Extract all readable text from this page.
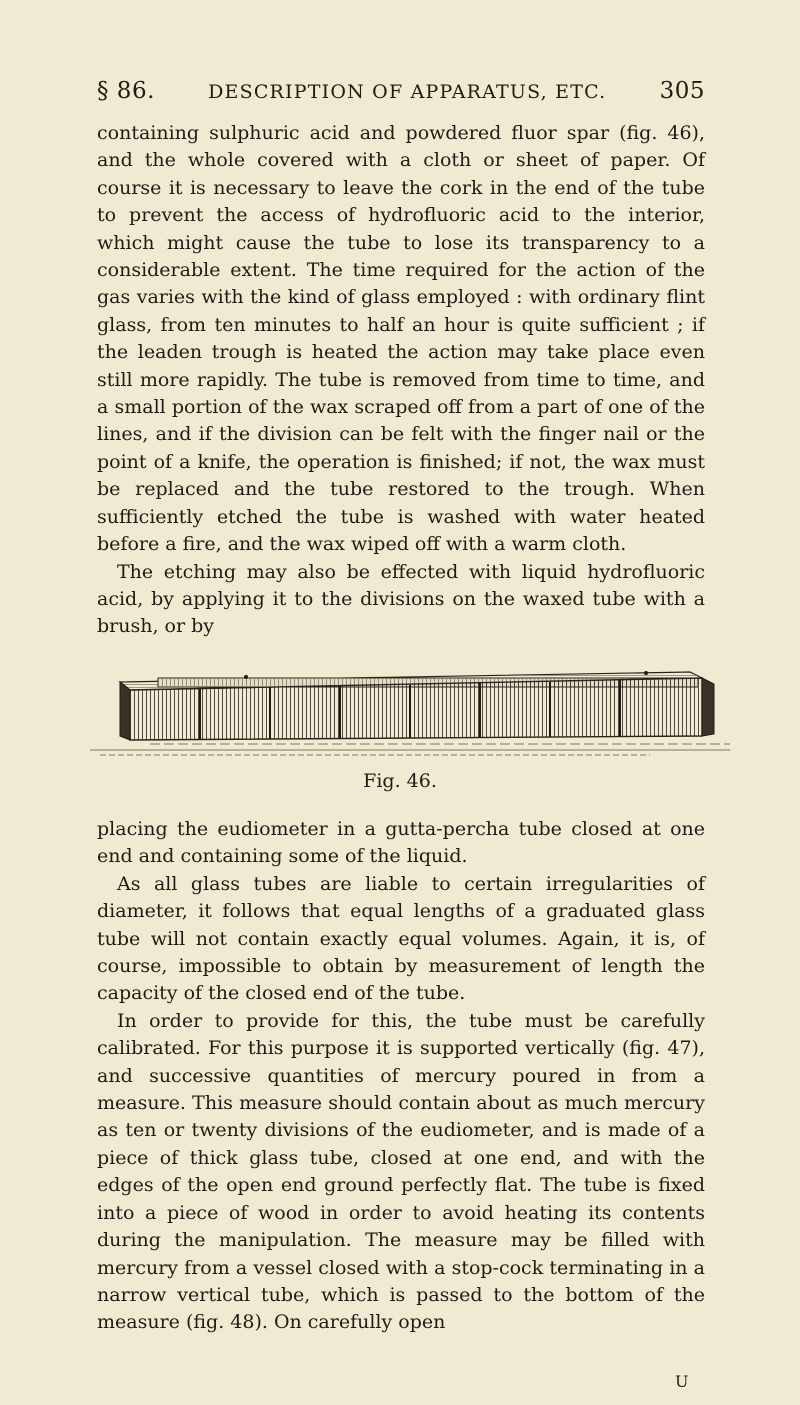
§ 86.	DESCRIPTION OF APPARATUS, ETC. 305

containing sulphuric acid and powdered fluor spar (fig. 46), and the whole covered with a cloth or sheet of paper. Of course it is necessary to leave the cork in the end of the tube to prevent the access of hydrofluoric acid to the interior, which might cause the tube to lose its transparency to a considerable extent. The time required for the action of the gas varies with the kind of glass employed : with ordinary flint glass, from ten minutes to half an hour is quite sufficient ; if the leaden trough is heated the action may take place even still more rapidly. The tube is removed from time to time, and a small portion of the wax scraped off from a part of one of the lines, and if the division can be felt with the finger nail or the point of a knife, the operation is finished; if not, the wax must be replaced and the tube restored to the trough. When sufficiently etched the tube is washed with water heated before a fire, and the wax wiped off with a warm cloth.

The etching may also be effected with liquid hydrofluoric acid, by applying it to the divisions on the waxed tube with a brush, or by

Fig. 46.

placing the eudiometer in a gutta-percha tube closed at one end and containing some of the liquid.

As all glass tubes are liable to certain irregularities of diameter, it follows that equal lengths of a graduated glass tube will not contain exactly equal volumes. Again, it is, of course, impossible to obtain by measurement of length the capacity of the closed end of the tube.

In order to provide for this, the tube must be carefully calibrated. For this purpose it is supported vertically (fig. 47), and successive quantities of mercury poured in from a measure. This measure should contain about as much mercury as ten or twenty divisions of the eudiometer, and is made of a piece of thick glass tube, closed at one end, and with the edges of the open end ground perfectly flat. The tube is fixed into a piece of wood in order to avoid heating its contents during the manipulation. The measure may be filled with mercury from a vessel closed with a stop-cock terminating in a narrow vertical tube, which is passed to the bottom of the measure (fig. 48). On carefully open

U
